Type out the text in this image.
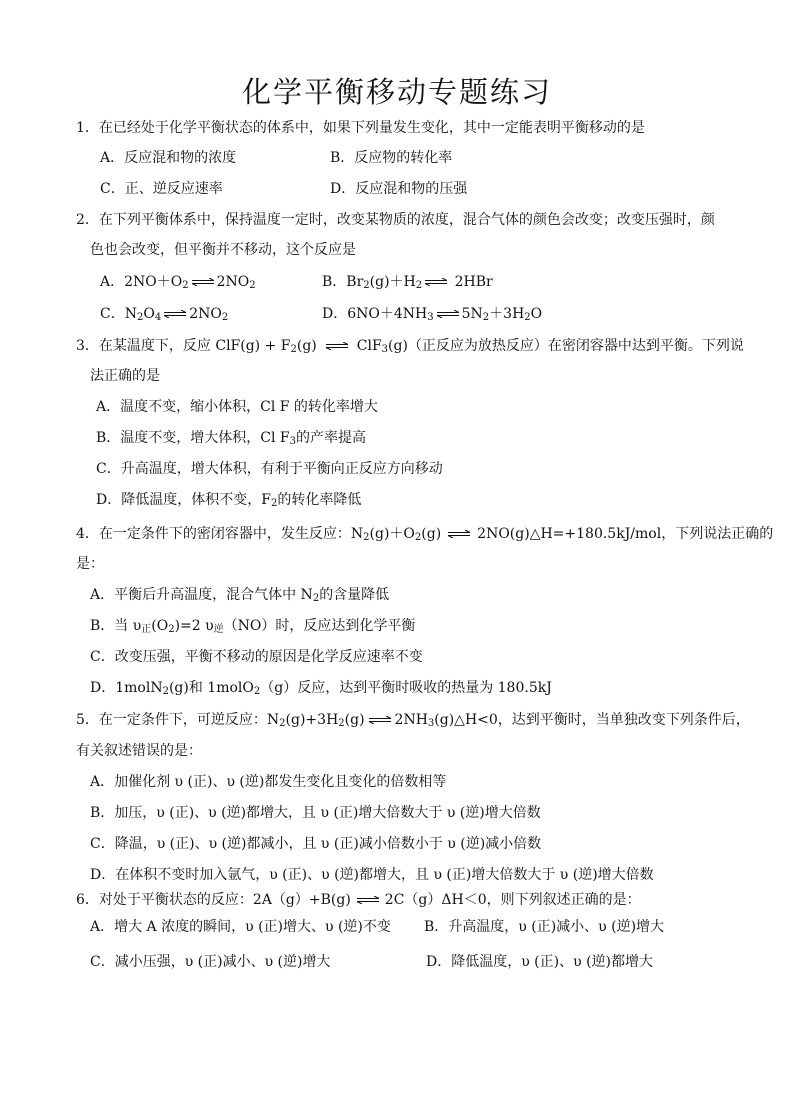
化学平衡移动专题练习
1．在已经处于化学平衡状态的体系中，如果下列量发生变化，其中一定能表明平衡移动的是
A．反应混和物的浓度	B．反应物的转化率
C．正、逆反应速率	D．反应混和物的压强
2．在下列平衡体系中，保持温度一定时，改变某物质的浓度，混合气体的颜色会改变；改变压强时，颜
色也会改变，但平衡并不移动，这个反应是
A．$2NO+O_2$ ⇌ $2NO_2$	B．$Br_2(g)+H_2$ ⇌ 2HBr
C．$N_2O_4$ ⇌ $2NO_2$	D．$6NO+4NH_3$ ⇌ $5N_2+3H_2O$
3．在某温度下，反应 $ClF(g) + F_2(g)$ ⇌ ClF$_3$(g)（正反应为放热反应）在密闭容器中达到平衡。下列说
法正确的是
A．温度不变，缩小体积，Cl F 的转化率增大
B．温度不变，增大体积，Cl $F_3$的产率提高
C．升高温度，增大体积，有利于平衡向正反应方向移动
D．降低温度，体积不变，$F_2$的转化率降低
4．在一定条件下的密闭容器中，发生反应：$N_2(g)+O_2(g)$ ⇌ 2NO(g)△H=+180.5kJ/mol，下列说法正确的
是：
A．平衡后升高温度，混合气体中 $N_2$的含量降低
B．当 $\upsilon_正(O_2)=2$ $\upsilon_逆(NO)$时，反应达到化学平衡
C．改变压强，平衡不移动的原因是化学反应速率不变
D．1molN$_2$(g)和 1molO$_2$（g）反应，达到平衡时吸收的热量为 180.5kJ
5．在一定条件下，可逆反应：$N_2(g)+3H_2(g)$ ⇌ $2NH_3(g)\triangle H<0$，达到平衡时，当单独改变下列条件后，
有关叙述错误的是：
A．加催化剂 υ (正)、υ (逆)都发生变化且变化的倍数相等
B．加压，υ (正)、υ (逆)都增大，且 υ (正)增大倍数大于 υ (逆)增大倍数
C．降温，υ (正)、υ (逆)都减小，且 υ (正)减小倍数小于 υ (逆)减小倍数
D．在体积不变时加入氩气，υ (正)、υ (逆)都增大，且 υ (正)增大倍数大于 υ (逆)增大倍数
6．对处于平衡状态的反应：2A（g）+B(g)⇌2C（g）ΔH＜0，则下列叙述正确的是：
A．增大 A 浓度的瞬间，υ (正)增大、υ (逆)不变 B．升高温度，υ (正)减小、υ (逆)增大
C．减小压强，υ (正)减小、υ (逆)增大	D．降低温度，υ (正)、υ (逆)都增大
